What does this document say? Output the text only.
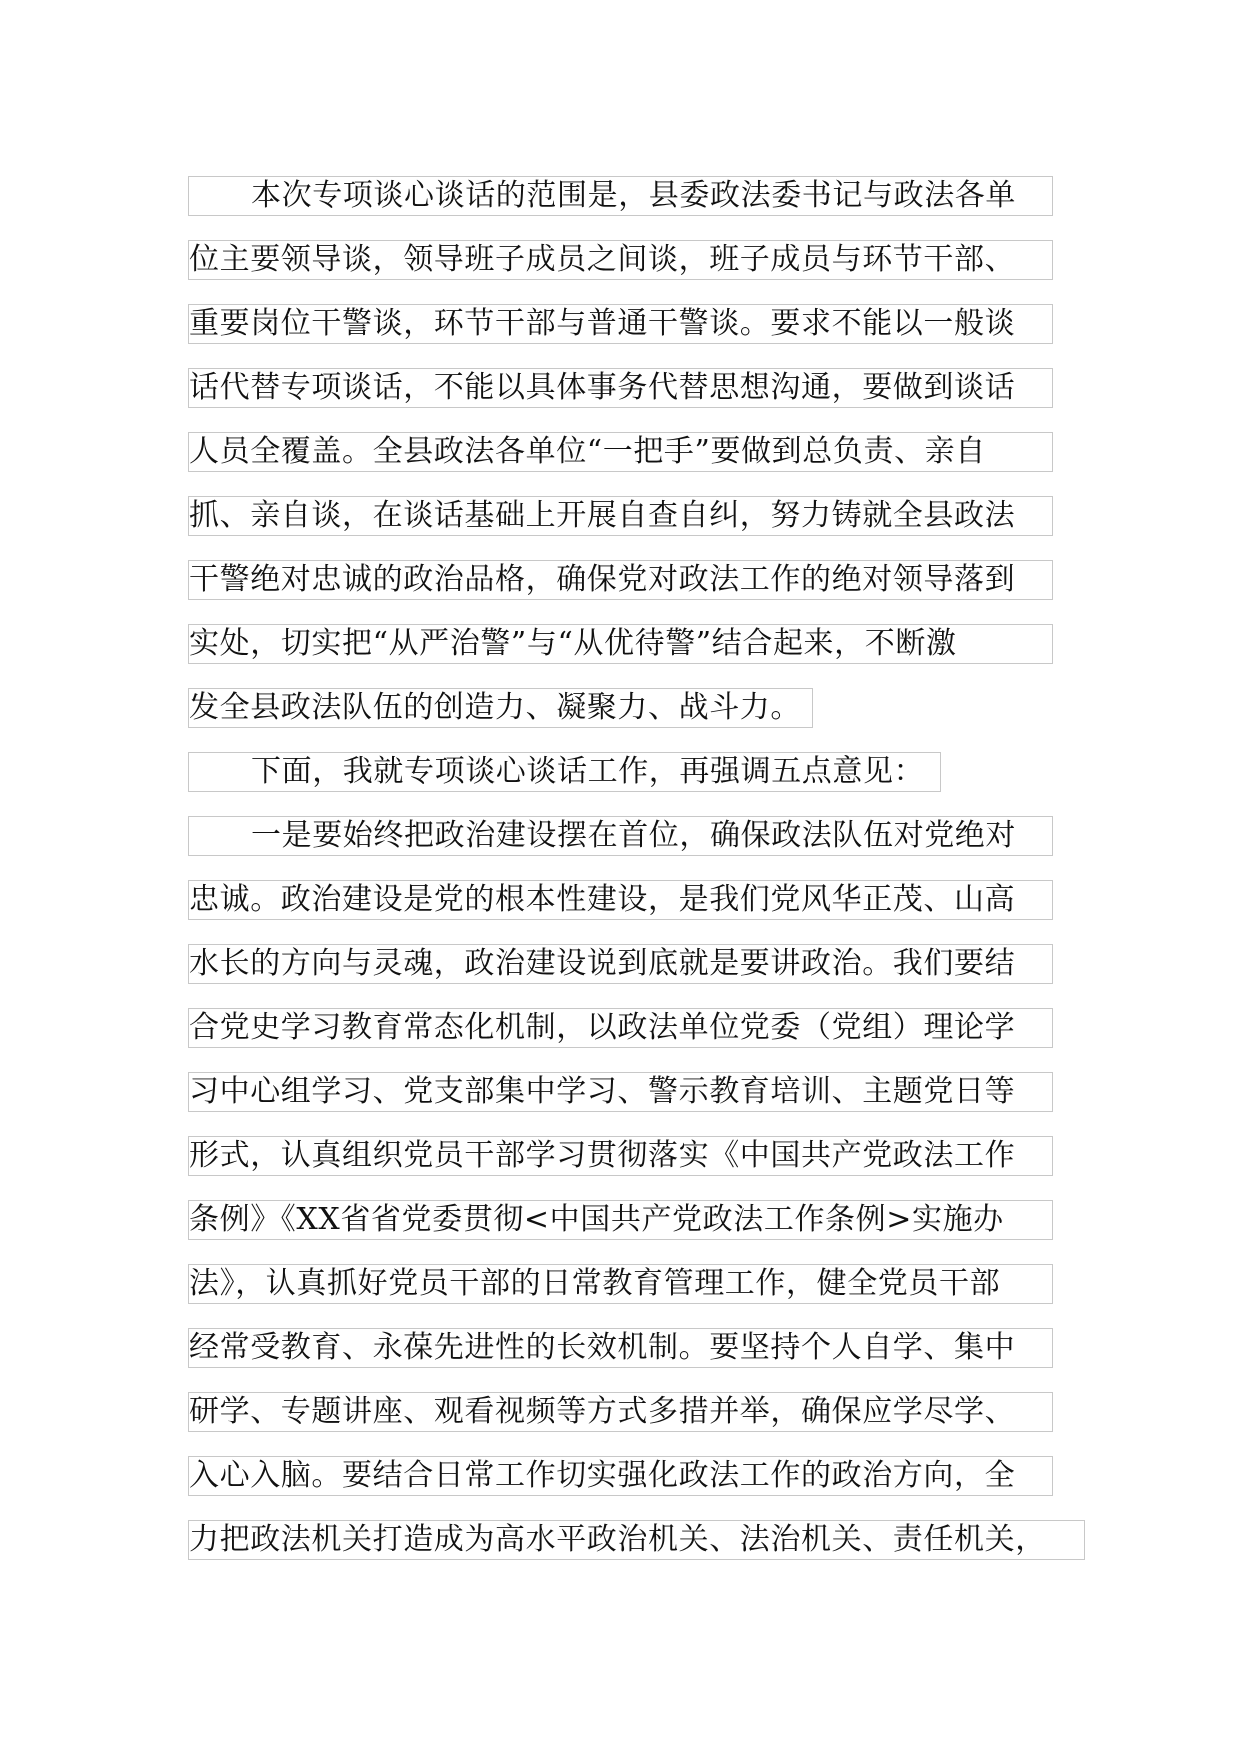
本次专项谈心谈话的范围是，县委政法委书记与政法各单
位主要领导谈，领导班子成员之间谈，班子成员与环节干部、
重要岗位干警谈，环节干部与普通干警谈。要求不能以一般谈
话代替专项谈话，不能以具体事务代替思想沟通，要做到谈话
人员全覆盖。全县政法各单位“一把手”要做到总负责、亲自
抓、亲自谈，在谈话基础上开展自查自纠，努力铸就全县政法
干警绝对忠诚的政治品格，确保党对政法工作的绝对领导落到
实处，切实把“从严治警”与“从优待警”结合起来，不断激
发全县政法队伍的创造力、凝聚力、战斗力。
下面，我就专项谈心谈话工作，再强调五点意见：
一是要始终把政治建设摆在首位，确保政法队伍对党绝对
忠诚。政治建设是党的根本性建设，是我们党风华正茂、山高
水长的方向与灵魂，政治建设说到底就是要讲政治。我们要结
合党史学习教育常态化机制，以政法单位党委（党组）理论学
习中心组学习、党支部集中学习、警示教育培训、主题党日等
形式，认真组织党员干部学习贯彻落实《中国共产党政法工作
条例》《XX省省党委贯彻<中国共产党政法工作条例>实施办
法》，认真抓好党员干部的日常教育管理工作，健全党员干部
经常受教育、永葆先进性的长效机制。要坚持个人自学、集中
研学、专题讲座、观看视频等方式多措并举，确保应学尽学、
入心入脑。要结合日常工作切实强化政法工作的政治方向，全
力把政法机关打造成为高水平政治机关、法治机关、责任机关，
